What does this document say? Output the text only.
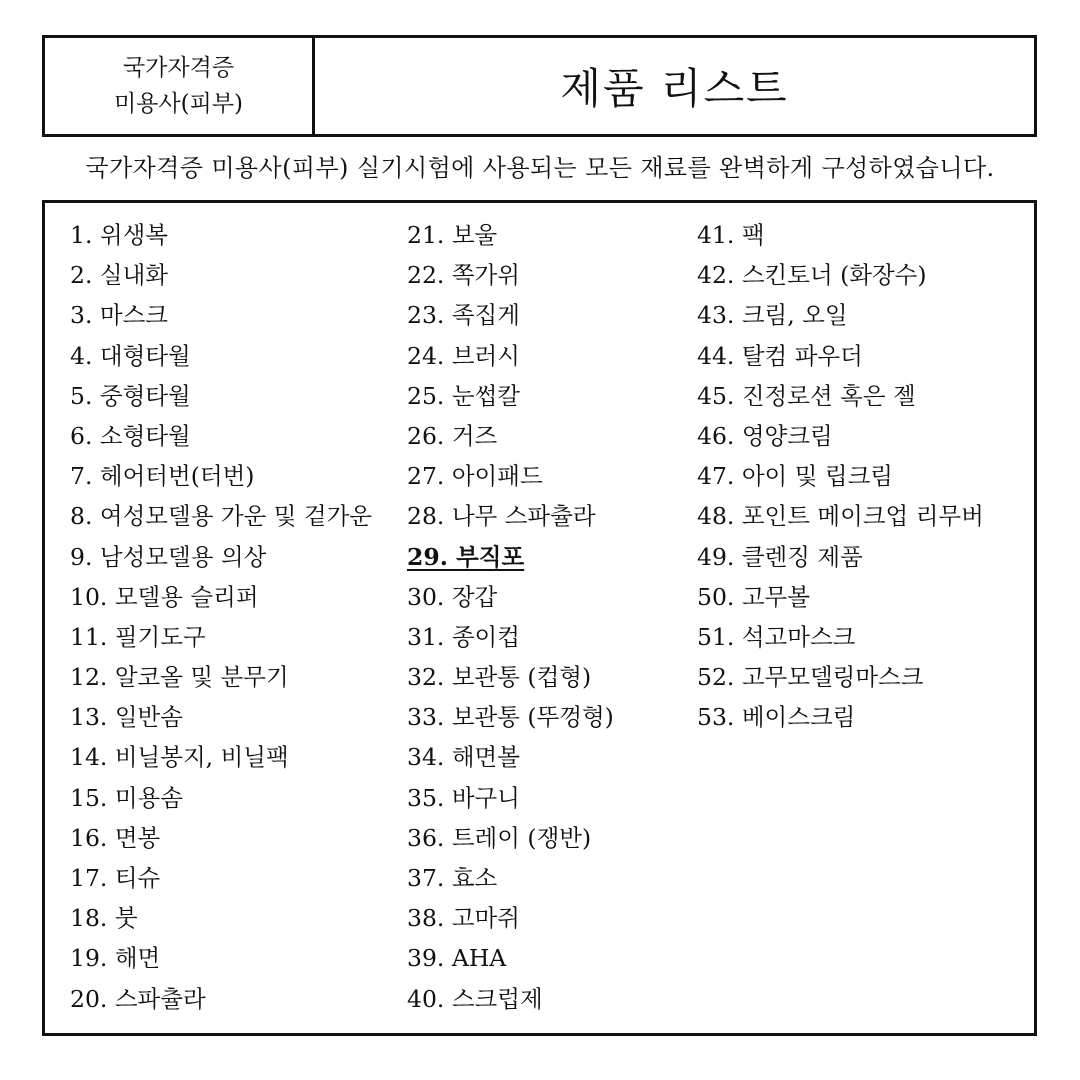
국가자격증
미용사(피부)	제품 리스트
국가자격증 미용사(피부) 실기시험에 사용되는 모든 재료를 완벽하게 구성하였습니다.
1. 위생복
2. 실내화
3. 마스크
4. 대형타월
5. 중형타월
6. 소형타월
7. 헤어터번(터번)
8. 여성모델용 가운 및 겉가운
9. 남성모델용 의상
10. 모델용 슬리퍼
11. 필기도구
12. 알코올 및 분무기
13. 일반솜
14. 비닐봉지, 비닐팩
15. 미용솜
16. 면봉
17. 티슈
18. 붓
19. 해면
20. 스파츌라
21. 보울
22. 쪽가위
23. 족집게
24. 브러시
25. 눈썹칼
26. 거즈
27. 아이패드
28. 나무 스파츌라
29. 부직포
30. 장갑
31. 종이컵
32. 보관통 (컵형)
33. 보관통 (뚜껑형)
34. 해면볼
35. 바구니
36. 트레이 (쟁반)
37. 효소
38. 고마쥐
39. AHA
40. 스크럽제
41. 팩
42. 스킨토너 (화장수)
43. 크림, 오일
44. 탈컴 파우더
45. 진정로션 혹은 젤
46. 영양크림
47. 아이 및 립크림
48. 포인트 메이크업 리무버
49. 클렌징 제품
50. 고무볼
51. 석고마스크
52. 고무모델링마스크
53. 베이스크림
